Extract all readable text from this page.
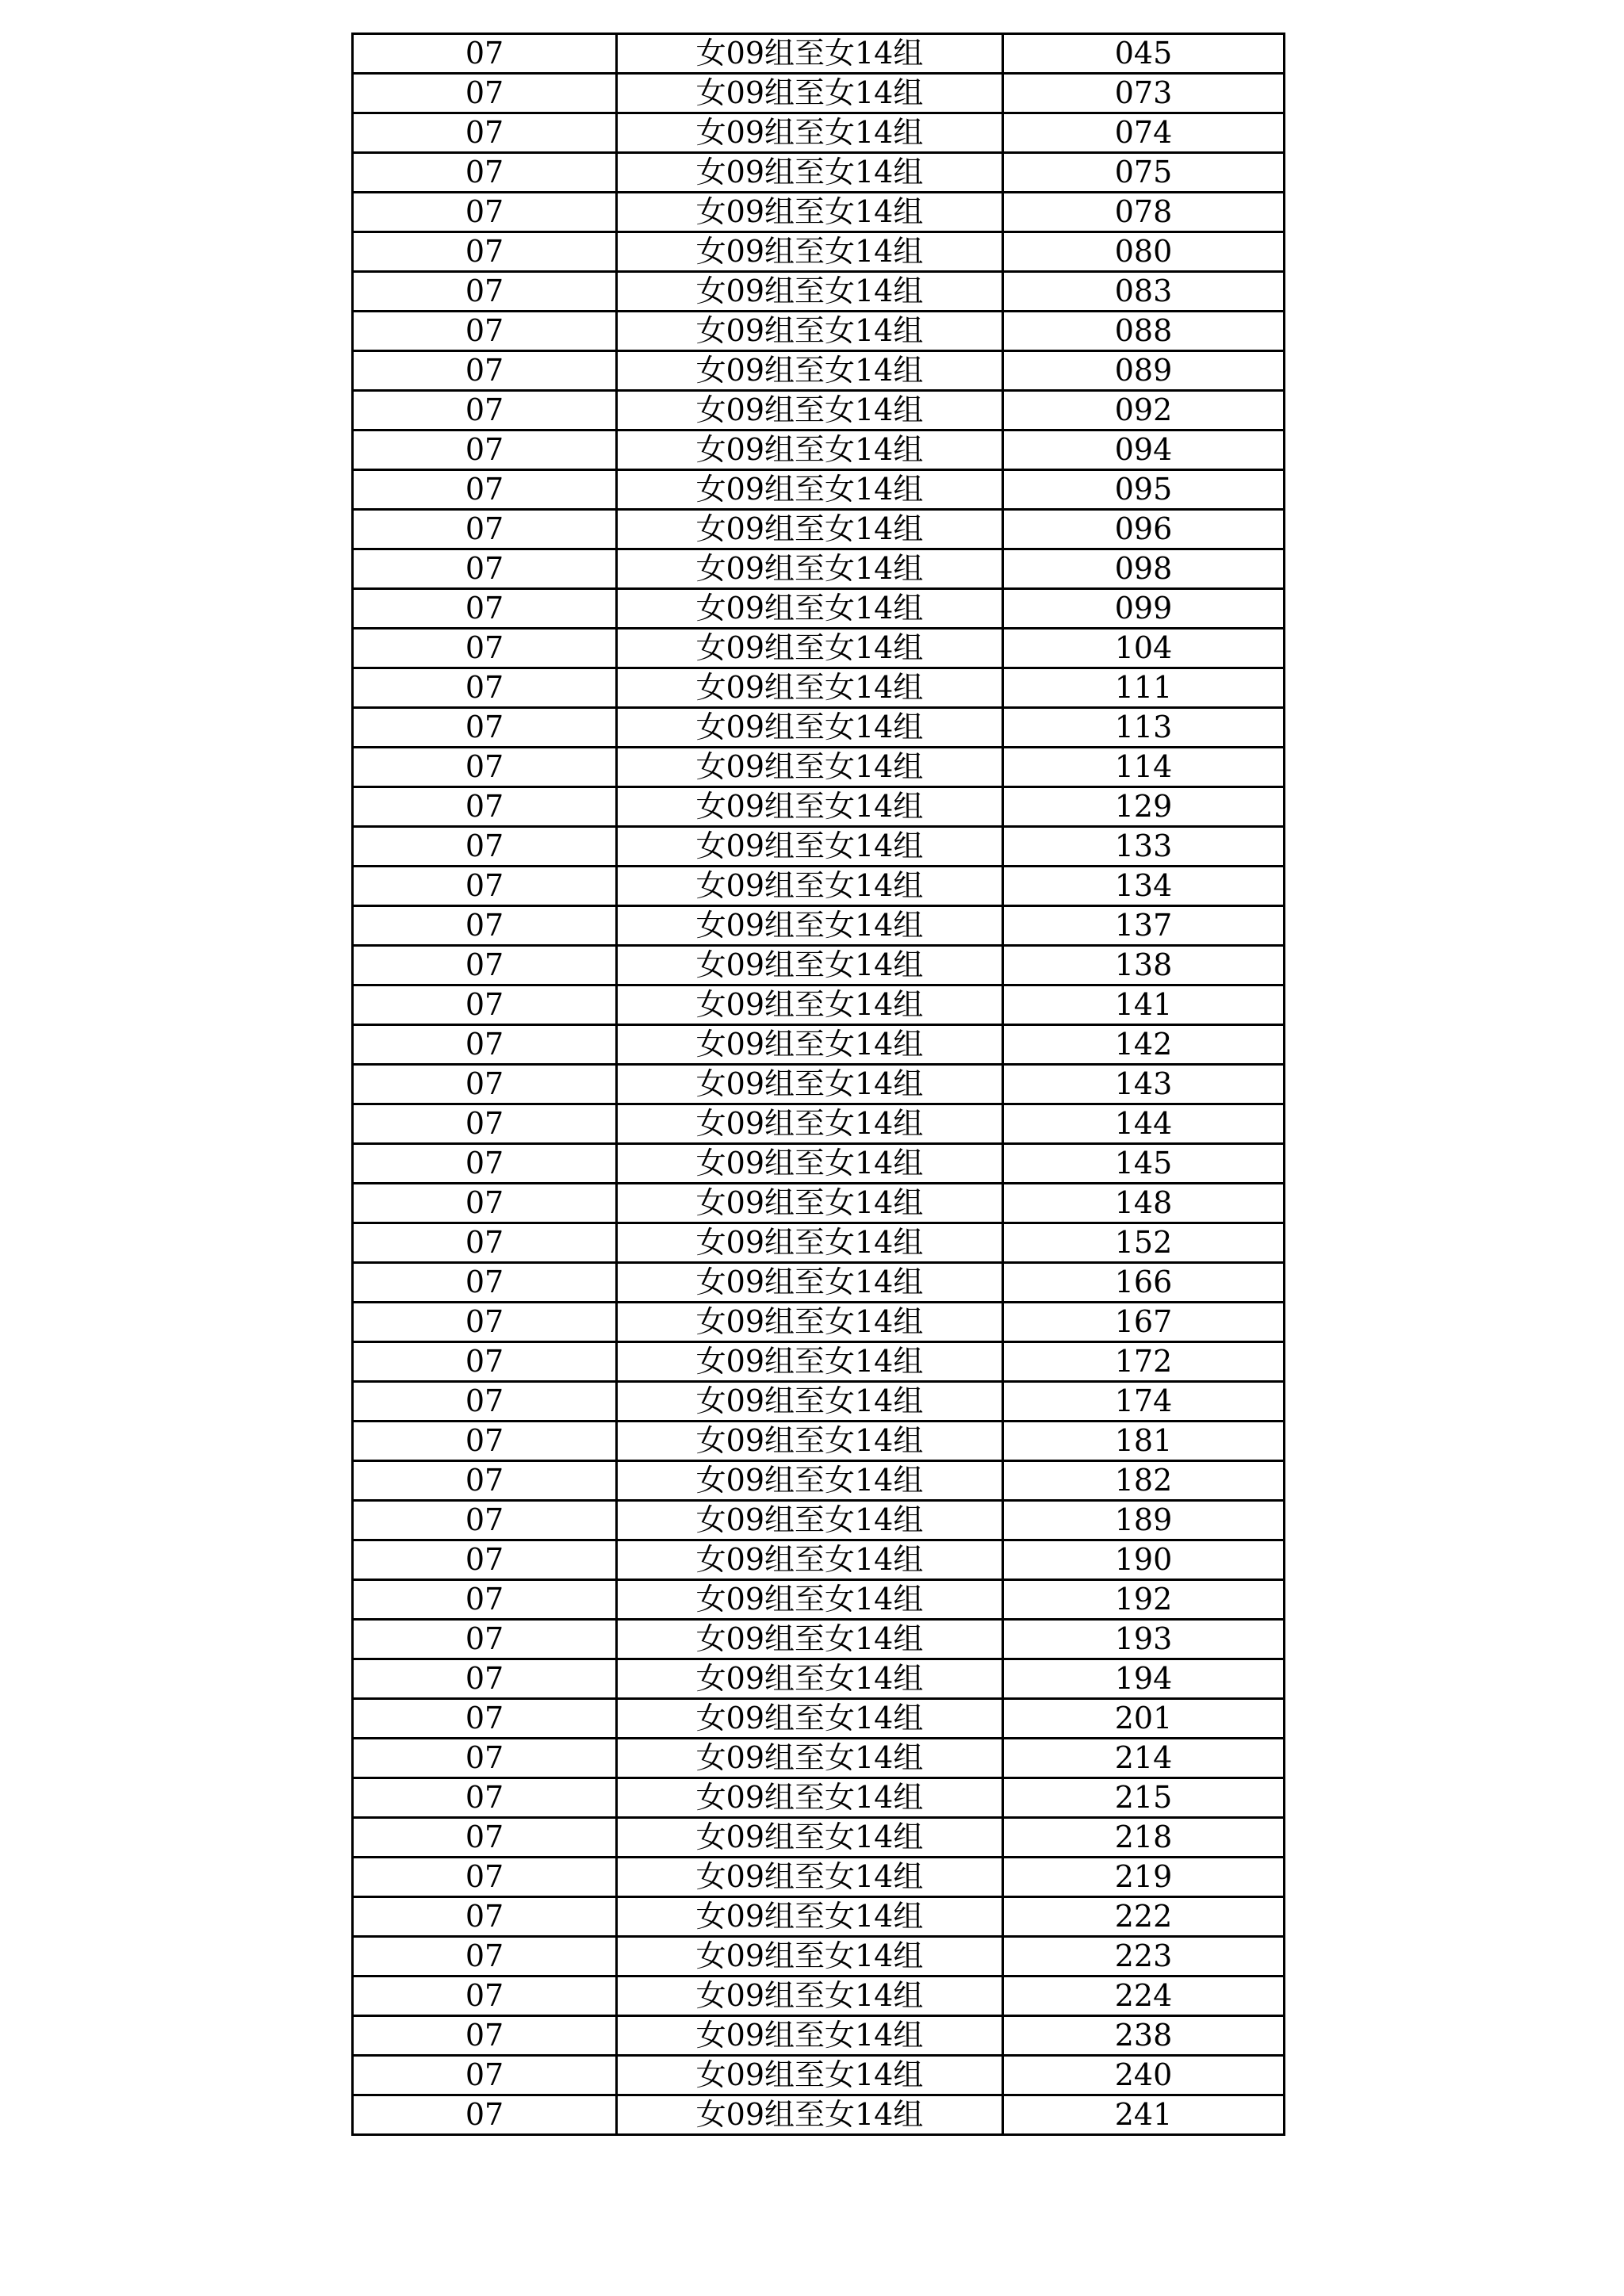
07	女09组至女14组	045
07	女09组至女14组	073
07	女09组至女14组	074
07	女09组至女14组	075
07	女09组至女14组	078
07	女09组至女14组	080
07	女09组至女14组	083
07	女09组至女14组	088
07	女09组至女14组	089
07	女09组至女14组	092
07	女09组至女14组	094
07	女09组至女14组	095
07	女09组至女14组	096
07	女09组至女14组	098
07	女09组至女14组	099
07	女09组至女14组	104
07	女09组至女14组	111
07	女09组至女14组	113
07	女09组至女14组	114
07	女09组至女14组	129
07	女09组至女14组	133
07	女09组至女14组	134
07	女09组至女14组	137
07	女09组至女14组	138
07	女09组至女14组	141
07	女09组至女14组	142
07	女09组至女14组	143
07	女09组至女14组	144
07	女09组至女14组	145
07	女09组至女14组	148
07	女09组至女14组	152
07	女09组至女14组	166
07	女09组至女14组	167
07	女09组至女14组	172
07	女09组至女14组	174
07	女09组至女14组	181
07	女09组至女14组	182
07	女09组至女14组	189
07	女09组至女14组	190
07	女09组至女14组	192
07	女09组至女14组	193
07	女09组至女14组	194
07	女09组至女14组	201
07	女09组至女14组	214
07	女09组至女14组	215
07	女09组至女14组	218
07	女09组至女14组	219
07	女09组至女14组	222
07	女09组至女14组	223
07	女09组至女14组	224
07	女09组至女14组	238
07	女09组至女14组	240
07	女09组至女14组	241
